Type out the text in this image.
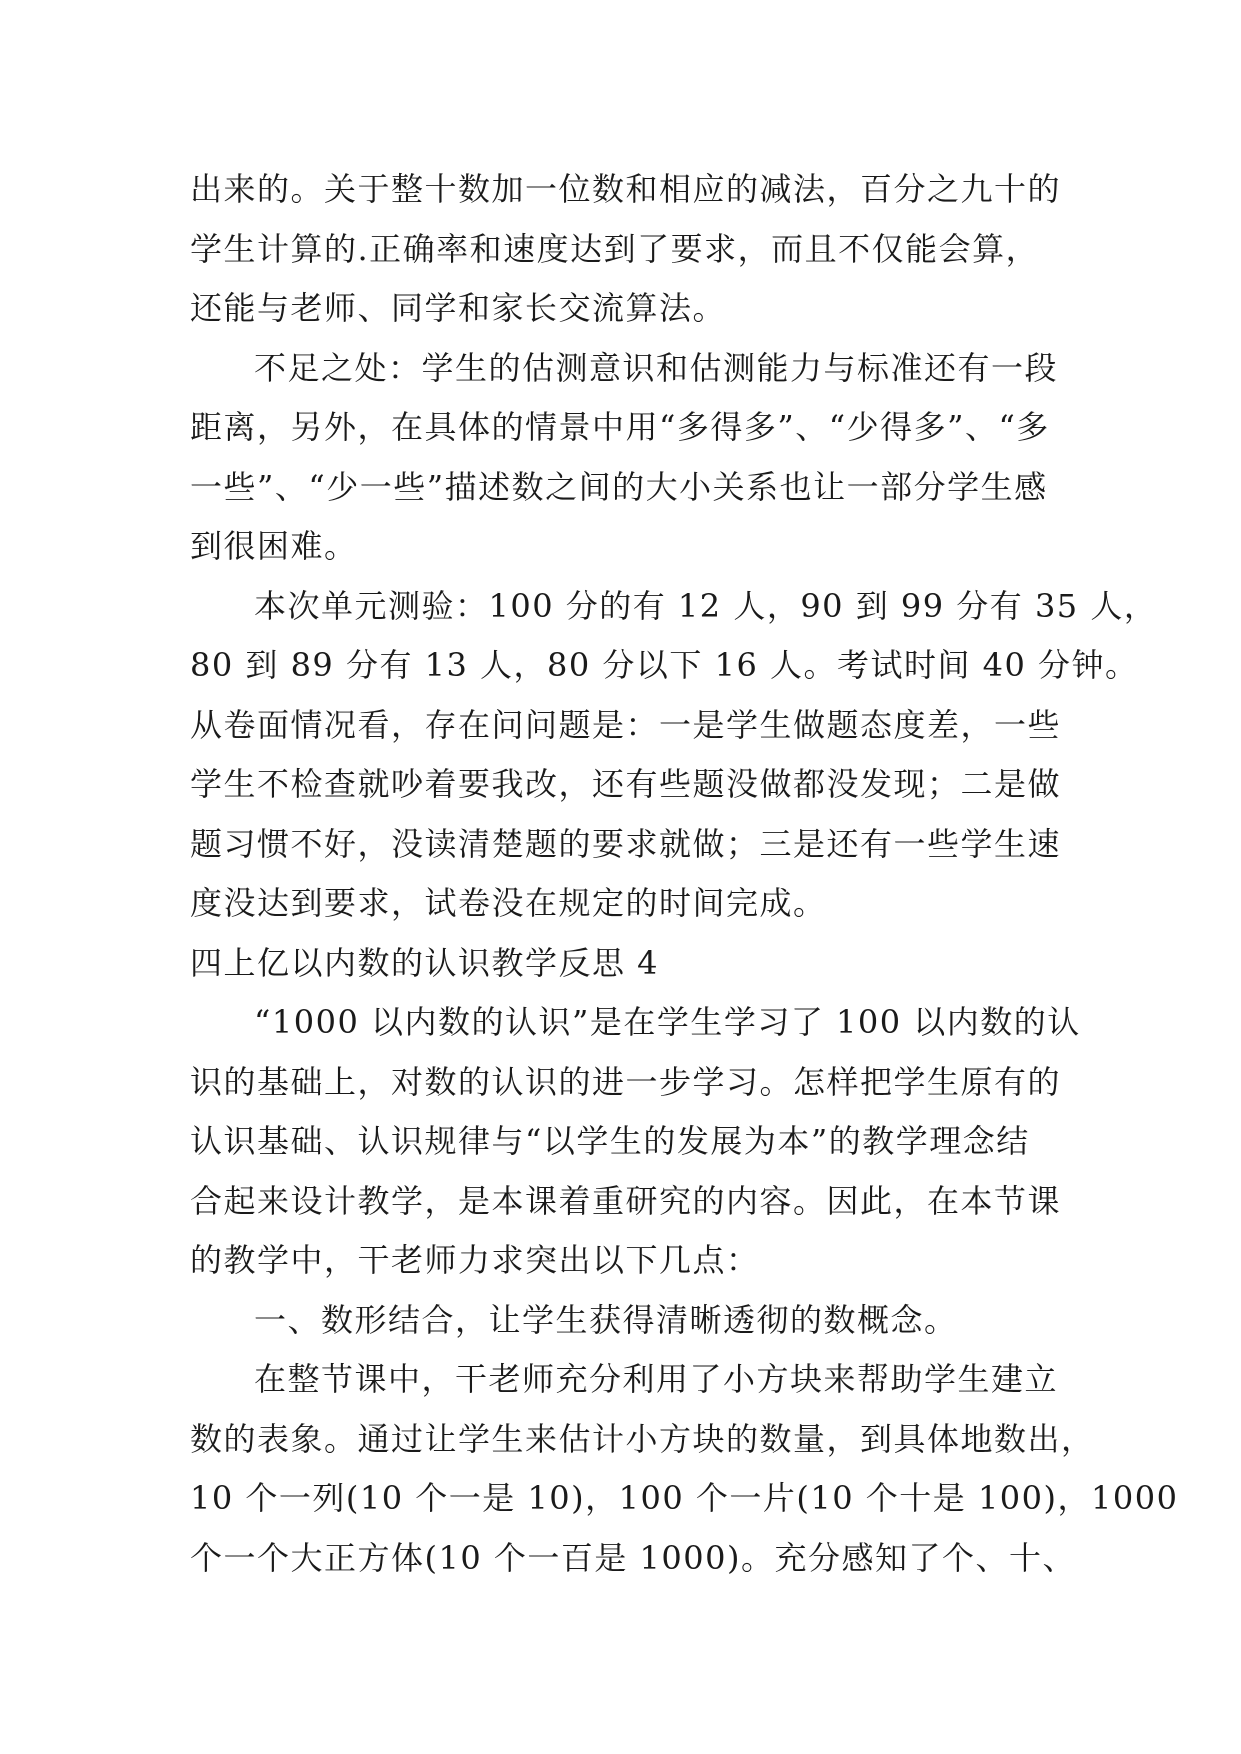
出来的。关于整十数加一位数和相应的减法，百分之九十的
学生计算的.正确率和速度达到了要求，而且不仅能会算，
还能与老师、同学和家长交流算法。
不足之处：学生的估测意识和估测能力与标准还有一段
距离，另外，在具体的情景中用“多得多”、“少得多”、“多
一些”、“少一些”描述数之间的大小关系也让一部分学生感
到很困难。
本次单元测验：100 分的有 12 人，90 到 99 分有 35 人，
80 到 89 分有 13 人，80 分以下 16 人。考试时间 40 分钟。
从卷面情况看，存在问问题是：一是学生做题态度差，一些
学生不检查就吵着要我改，还有些题没做都没发现；二是做
题习惯不好，没读清楚题的要求就做；三是还有一些学生速
度没达到要求，试卷没在规定的时间完成。
四上亿以内数的认识教学反思 4
“1000 以内数的认识”是在学生学习了 100 以内数的认
识的基础上，对数的认识的进一步学习。怎样把学生原有的
认识基础、认识规律与“以学生的发展为本”的教学理念结
合起来设计教学，是本课着重研究的内容。因此，在本节课
的教学中，干老师力求突出以下几点：
一、数形结合，让学生获得清晰透彻的数概念。
在整节课中，干老师充分利用了小方块来帮助学生建立
数的表象。通过让学生来估计小方块的数量，到具体地数出，
10 个一列(10 个一是 10)，100 个一片(10 个十是 100)，1000
个一个大正方体(10 个一百是 1000)。充分感知了个、十、
